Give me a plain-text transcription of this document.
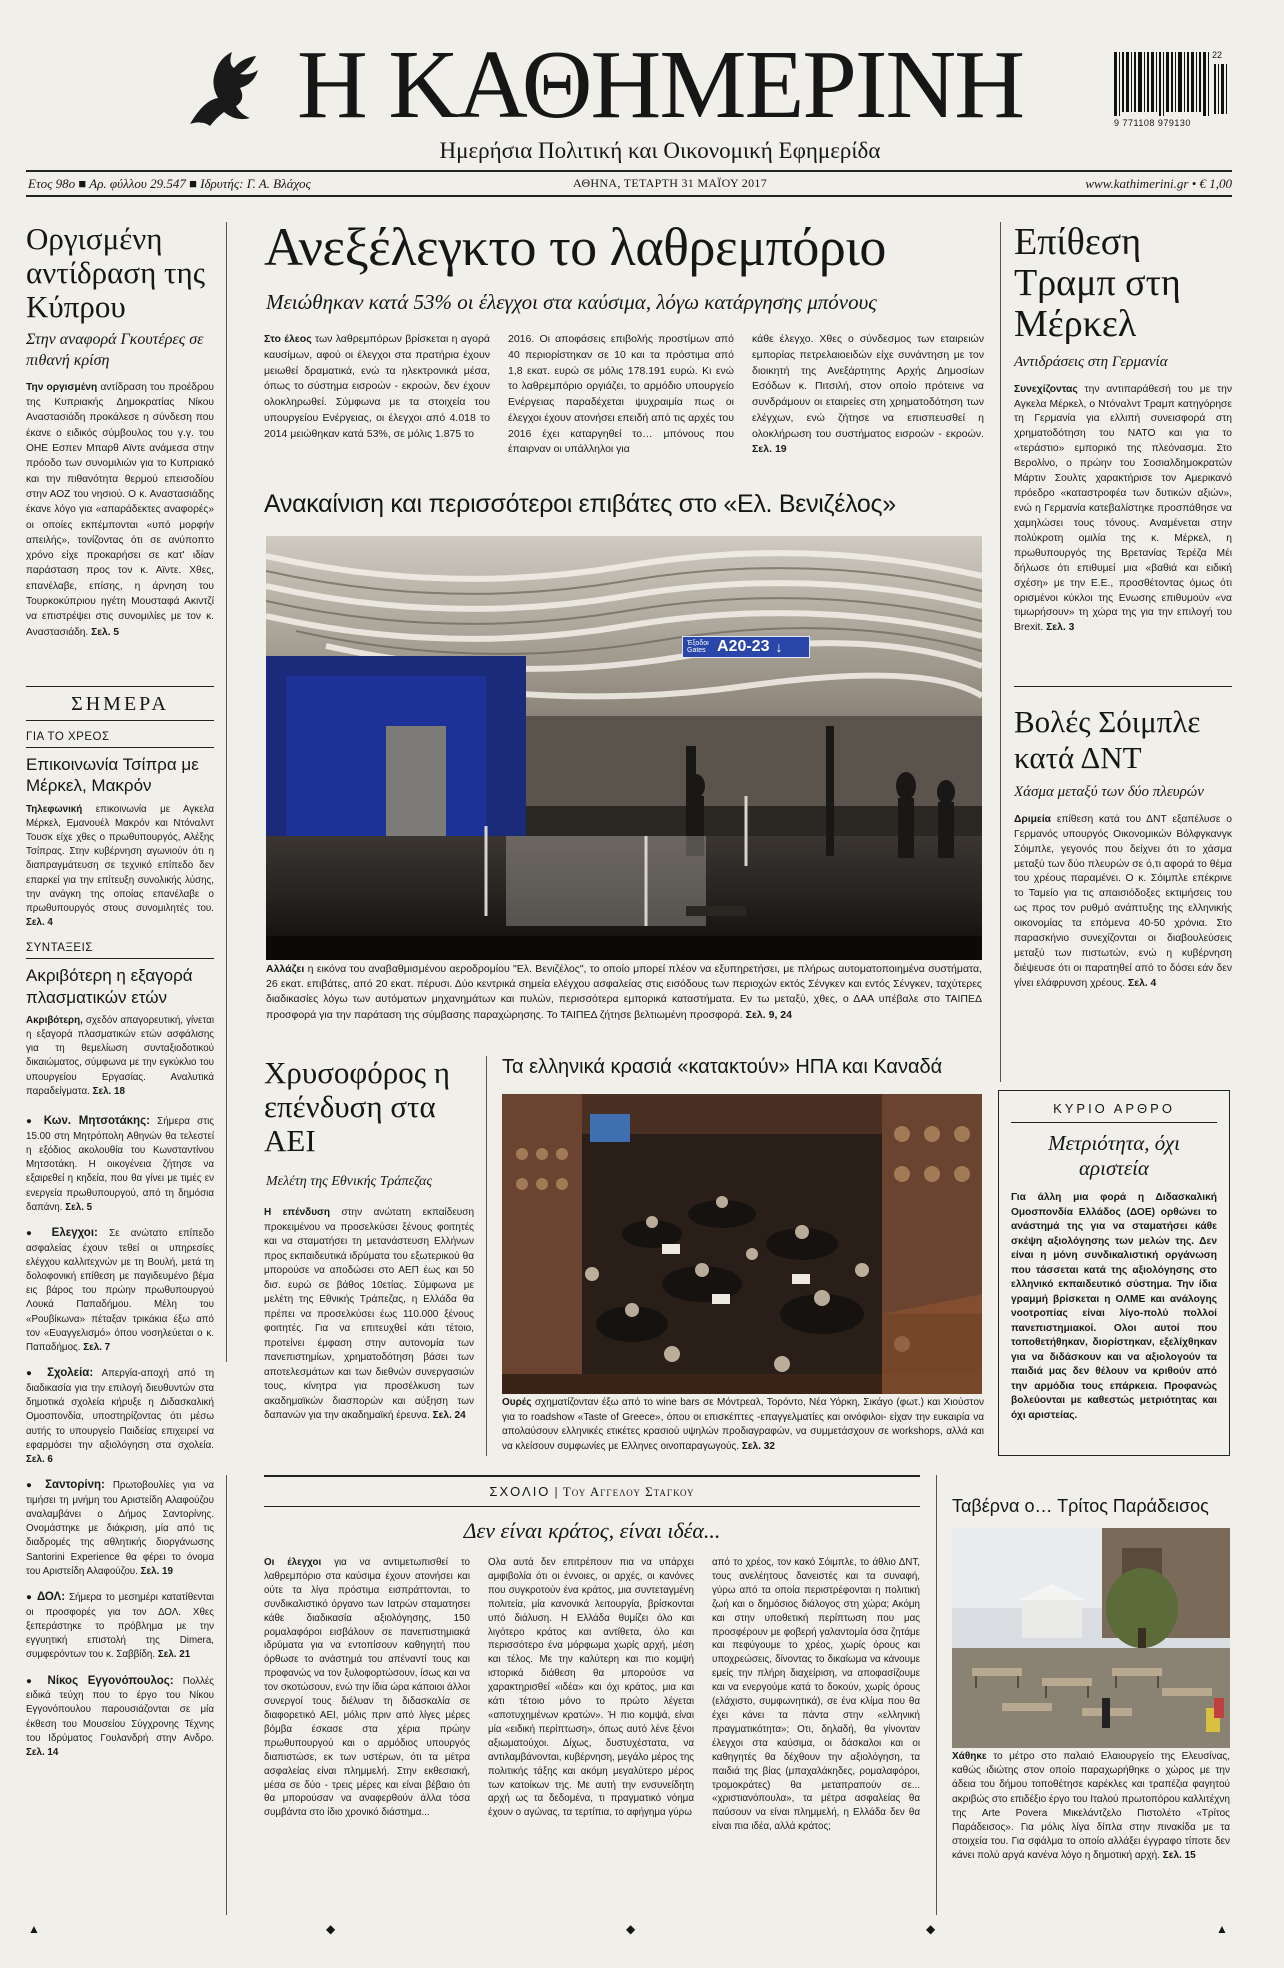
Η ΚΑΘΗΜΕΡΙΝΗ
Ημερήσια Πολιτική και Οικονομική Εφημερίδα
9 771108 979130
22
Ετος 98ο ■ Αρ. φύλλου 29.547 ■ Ιδρυτής: Γ. Α. Βλάχος	ΑΘΗΝΑ, ΤΕΤΑΡΤΗ 31 ΜΑΪΟΥ 2017	www.kathimerini.gr • € 1,00
Οργισμένη αντίδραση της Κύπρου
Στην αναφορά Γκουτέρες σε πιθανή κρίση
Την οργισμένη αντίδραση του προέδρου της Κυπριακής Δημοκρατίας Νίκου Αναστασιάδη προκάλεσε η σύνδεση που έκανε ο ειδικός σύμβουλος του γ.γ. του ΟΗΕ Εσπεν Μπαρθ Αϊντε ανάμεσα στην πρόοδο των συνομιλιών για το Κυπριακό και την πιθανότητα θερμού επεισοδίου στην ΑΟΖ του νησιού. Ο κ. Αναστασιάδης έκανε λόγο για «απαράδεκτες αναφορές» οι οποίες εκπέμπονται «υπό μορφήν απειλής», τονίζοντας ότι σε ανύποπτο χρόνο είχε προκαρήσει σε κατ' ιδίαν παράσταση προς τον κ. Αϊντε. Χθες, επανέλαβε, επίσης, η άρνηση του Τουρκοκύπριου ηγέτη Μουσταφά Ακιντζί να επιστρέψει στις συνομιλίες με τον κ. Αναστασιάδη. Σελ. 5
ΣΗΜΕΡΑ
ΓΙΑ ΤΟ ΧΡΕΟΣ
Επικοινωνία Τσίπρα με Μέρκελ, Μακρόν
Τηλεφωνική επικοινωνία με Αγκελα Μέρκελ, Εμανουέλ Μακρόν και Ντόναλντ Τουσκ είχε χθες ο πρωθυπουργός, Αλέξης Τσίπρας. Στην κυβέρνηση αγωνιούν ότι η διαπραγμάτευση σε τεχνικό επίπεδο δεν επαρκεί για την επίτευξη συνολικής λύσης, την ανάγκη της οποίας επανέλαβε ο πρωθυπουργός στους συνομιλητές του. Σελ. 4
ΣΥΝΤΑΞΕΙΣ
Ακριβότερη η εξαγορά πλασματικών ετών
Ακριβότερη, σχεδόν απαγορευτική, γίνεται η εξαγορά πλασματικών ετών ασφάλισης για τη θεμελίωση συνταξιοδοτικού δικαιώματος, σύμφωνα με την εγκύκλιο του υπουργείου Εργασίας. Αναλυτικά παραδείγματα. Σελ. 18
● Κων. Μητσοτάκης: Σήμερα στις 15.00 στη Μητρόπολη Αθηνών θα τελεστεί η εξόδιος ακολουθία του Κωνσταντίνου Μητσοτάκη. Η οικογένεια ζήτησε να εξαιρεθεί η κηδεία, που θα γίνει με τιμές εν ενεργεία πρωθυπουργού, από τη δημόσια δαπάνη. Σελ. 5
● Ελεγχοι: Σε ανώτατο επίπεδο ασφαλείας έχουν τεθεί οι υπηρεσίες ελέγχου καλλιτεχνών με τη Βουλή, μετά τη δολοφονική επίθεση με παγιδευμένο βέμα εις βάρος του πρώην πρωθυπουργού Λουκά Παπαδήμου. Μέλη του «Ρουβίκωνα» πέταξαν τρικάκια έξω από τον «Ευαγγελισμό» όπου νοσηλεύεται ο κ. Παπαδήμος. Σελ. 7
● Σχολεία: Απεργία-αποχή από τη διαδικασία για την επιλογή διευθυντών στα δημοτικά σχολεία κήρυξε η Διδασκαλική Ομοσπονδία, υποστηρίζοντας ότι μέσω αυτής το υπουργείο Παιδείας επιχειρεί να εφαρμόσει την αξιολόγηση στα σχολεία. Σελ. 6
● Σαντορίνη: Πρωτοβουλίες για να τιμήσει τη μνήμη του Αριστείδη Αλαφούζου αναλαμβάνει ο Δήμος Σαντορίνης. Ονομάστηκε με διάκριση, μία από τις διαδρομές της αθλητικής διοργάνωσης Santorini Experience θα φέρει το όνομα του Αριστείδη Αλαφούζου. Σελ. 19
● ΔΟΛ: Σήμερα το μεσημέρι κατατίθενται οι προσφορές για τον ΔΟΛ. Χθες ξεπεράστηκε το πρόβλημα με την εγγυητική επιστολή της Dimera, συμφερόντων του κ. Σαββίδη. Σελ. 21
● Νίκος Εγγονόπουλος: Πολλές ειδικά τεύχη που το έργο του Νίκου Εγγονόπουλου παρουσιάζονται σε μία έκθεση του Μουσείου Σύγχρονης Τέχνης του Ιδρύματος Γουλανδρή στην Ανδρο. Σελ. 14
Ανεξέλεγκτο το λαθρεμπόριο
Μειώθηκαν κατά 53% οι έλεγχοι στα καύσιμα, λόγω κατάργησης μπόνους
Στο έλεος των λαθρεμπόρων βρίσκεται η αγορά καυσίμων, αφού οι έλεγχοι στα πρατήρια έχουν μειωθεί δραματικά, ενώ τα ηλεκτρονικά μέσα, όπως το σύστημα εισροών - εκροών, δεν έχουν ολοκληρωθεί. Σύμφωνα με τα στοιχεία του υπουργείου Ενέργειας, οι έλεγχοι από 4.018 το 2014 μειώθηκαν κατά 53%, σε μόλις 1.875 το
2016. Οι αποφάσεις επιβολής προστίμων από 40 περιορίστηκαν σε 10 και τα πρόστιμα από 1,8 εκατ. ευρώ σε μόλις 178.191 ευρώ. Κι ενώ το λαθρεμπόριο οργιάζει, το αρμόδιο υπουργείο Ενέργειας παραδέχεται ψυχραιμία πως οι έλεγχοι έχουν ατονήσει επειδή από τις αρχές του 2016 έχει καταργηθεί το… μπόνους που έπαιρναν οι υπάλληλοι για
κάθε έλεγχο. Χθες ο σύνδεσμος των εταιρειών εμπορίας πετρελαιοειδών είχε συνάντηση με τον διοικητή της Ανεξάρτητης Αρχής Δημοσίων Εσόδων κ. Πιτσιλή, στον οποίο πρότεινε να συνδράμουν οι εταιρείες στη χρηματοδότηση των ελέγχων, ενώ ζήτησε να επισπευσθεί η ολοκλήρωση του συστήματος εισροών - εκροών. Σελ. 19
Ανακαίνιση και περισσότεροι επιβάτες στο «Ελ. Βενιζέλος»
Έξοδοι Gates A20-23 ↓
Αλλάζει η εικόνα του αναβαθμισμένου αεροδρομίου "Ελ. Βενιζέλος", το οποίο μπορεί πλέον να εξυπηρετήσει, με πλήρως αυτοματοποιημένα συστήματα, 26 εκατ. επιβάτες, από 20 εκατ. πέρυσι. Δύο κεντρικά σημεία ελέγχου ασφαλείας στις εισόδους των περιοχών εκτός Σένγκεν και εντός Σένγκεν, ταχύτερες διαδικασίες λόγω των αυτόματων μηχανημάτων και πυλών, περισσότερα εμπορικά καταστήματα. Εν τω μεταξύ, χθες, ο ΔΑΑ υπέβαλε στο ΤΑΙΠΕΔ προσφορά για την παράταση της σύμβασης παραχώρησης. Το ΤΑΙΠΕΔ ζήτησε βελτιωμένη προσφορά. Σελ. 9, 24
Χρυσοφόρος η επένδυση στα ΑΕΙ
Μελέτη της Εθνικής Τράπεζας
Η επένδυση στην ανώτατη εκπαίδευση προκειμένου να προσελκύσει ξένους φοιτητές και να σταματήσει τη μετανάστευση Ελλήνων προς εκπαιδευτικά ιδρύματα του εξωτερικού θα μπορούσε να αποδώσει στο ΑΕΠ έως και 50 δισ. ευρώ σε βάθος 10ετίας. Σύμφωνα με μελέτη της Εθνικής Τράπεζας, η Ελλάδα θα πρέπει να προσελκύσει έως 110.000 ξένους φοιτητές. Για να επιτευχθεί κάτι τέτοιο, προτείνει έμφαση στην αυτονομία των πανεπιστημίων, χρηματοδότηση βάσει των αποτελεσμάτων και των διεθνών συνεργασιών τους, κίνητρα για προσέλκυση των ακαδημαϊκών διασπορών και αύξηση των δαπανών για την ακαδημαϊκή έρευνα. Σελ. 24
Τα ελληνικά κρασιά «κατακτούν» ΗΠΑ και Καναδά
Ουρές σχηματίζονταν έξω από το wine bars σε Μόντρεαλ, Τορόντο, Νέα Υόρκη, Σικάγο (φωτ.) και Χιούστον για το roadshow «Taste of Greece», όπου οι επισκέπτες -επαγγελματίες και οινόφιλοι- είχαν την ευκαιρία να απολαύσουν ελληνικές ετικέτες κρασιού υψηλών προδιαγραφών, να συμμετάσχουν σε workshops, αλλά και να κλείσουν συμφωνίες με Ελληνες οινοπαραγωγούς. Σελ. 32
ΣΧΟΛΙΟ | Του Αγγελου Σταγκου
Δεν είναι κράτος, είναι ιδέα...
Οι έλεγχοι για να αντιμετωπισθεί το λαθρεμπόριο στα καύσιμα έχουν ατονήσει και ούτε τα λίγα πρόστιμα εισπράττονται, το συνδικαλιστικό όργανο των Ιατρών σταματησει κάθε διαδικασία αξιολόγησης, 150 ρομαλαφόροι εισβάλουν σε πανεπιστημιακά ιδρύματα για να εντοπίσουν καθηγητή που όρθωσε το ανάστημά του απέναντί τους και προφανώς να τον ξυλοφορτώσουν, ίσως και να τον σκοτώσουν, ενώ την ίδια ώρα κάποιοι άλλοι συνεργοί τους διέλυαν τη διδασκαλία σε διαφορετικό ΑΕΙ, μόλις πριν από λίγες μέρες βόμβα έσκασε στα χέρια πρώην πρωθυπουργού και ο αρμόδιος υπουργός διαπιστώσε, εκ των υστέρων, ότι τα μέτρα ασφαλείας είναι πλημμελή. Στην εκθεσιακή, μέσα σε δύο - τρεις μέρες και είναι βέβαιο ότι θα μπορούσαν να αναφερθούν άλλα τόσα συμβάντα στο ίδιο χρονικό διάστημα...
Ολα αυτά δεν επιτρέπουν πια να υπάρχει αμφιβολία ότι οι έννοιες, οι αρχές, οι κανόνες που συγκροτούν ένα κράτος, μια συντεταγμένη πολιτεία, μία κανονικά λειτουργία, βρίσκονται υπό διάλυση. Η Ελλάδα θυμίζει όλο και λιγότερο κράτος και αντίθετα, όλο και περισσότερο ένα μόρφωμα χωρίς αρχή, μέση και τέλος. Με την καλύτερη και πιο κομψή ιστορικά διάθεση θα μπορούσε να χαρακτηρισθεί «ιδέα» και όχι κράτος, μια και κάτι τέτοιο μόνο το πρώτο λέγεται «αποτυχημένων κρατών». Ή πιο κομψά, είναι μία «ειδική περίπτωση», όπως αυτό λένε ξένοι αξιωματούχοι. Δίχως, δυστυχέστατα, να αντιλαμβάνονται, κυβέρνηση, μεγάλο μέρος της πολιτικής τάξης και ακόμη μεγαλύτερο μέρος των κατοίκων της. Με αυτή την ενσυνείδητη αρχή ως τα δεδομένα, τι πραγματικό νόημα έχουν ο αγώνας, τα τερτίπια, το αφήγημα γύρω
από το χρέος, τον κακό Σόιμπλε, το άθλιο ΔΝΤ, τους ανελέητους δανειστές και τα συναφή, γύρω από τα οποία περιστρέφονται η πολιτική ζωή και ο δημόσιος διάλογος στη χώρα; Ακόμη και στην υποθετική περίπτωση που μας προσφέρουν με φοβερή γαλαντομία όσα ζητάμε και πεφύγουμε το χρέος, χωρίς όρους και υποχρεώσεις, δίνοντας το δικαίωμα να κάνουμε εμείς την πλήρη διαχείριση, να αποφασίζουμε και να ενεργούμε κατά το δοκούν, χωρίς όρους (ελάχιστο, συμφωνητικά), σε ένα κλίμα που θα έχει κάνει τα πάντα στην «ελληνική πραγματικότητα»; Οτι, δηλαδή, θα γίνονταν έλεγχοι στα καύσιμα, οι δάσκαλοι και οι καθηγητές θα δέχθουν την αξιολόγηση, τα παιδιά της βίας (μπαχαλάκηδες, ρομαλαφόροι, τρομοκράτες) θα μεταπραπούν σε... «χριστιανόπουλα», τα μέτρα ασφαλείας θα παύσουν να είναι πλημμελή, η Ελλάδα δεν θα είναι πια ιδέα, αλλά κράτος;
Επίθεση Τραμπ στη Μέρκελ
Αντιδράσεις στη Γερμανία
Συνεχίζοντας την αντιπαράθεσή του με την Αγκελα Μέρκελ, ο Ντόναλντ Τραμπ κατηγόρησε τη Γερμανία για ελλιπή συνεισφορά στη χρηματοδότηση του ΝΑΤΟ και για το «τεράστιο» εμπορικό της πλεόνασμα. Στο Βερολίνο, ο πρώην του Σοσιαλδημοκρατών Μάρτιν Σουλτς χαρακτήρισε τον Αμερικανό πρόεδρο «καταστροφέα των δυτικών αξιών», ενώ η Γερμανία κατεβαλίστηκε προσπάθησε να χαμηλώσει τους τόνους. Αναμένεται στην πολύκροτη ομιλία της κ. Μέρκελ, η πρωθυπουργός της Βρετανίας Τερέζα Μέι δήλωσε ότι επιθυμεί μια «βαθιά και ειδική σχέση» με την Ε.Ε., προσθέτοντας όμως ότι ορισμένοι κύκλοι της Ενωσης επιθυμούν «να τιμωρήσουν» τη χώρα της για την επιλογή του Brexit. Σελ. 3
Βολές Σόιμπλε κατά ΔΝΤ
Χάσμα μεταξύ των δύο πλευρών
Δριμεία επίθεση κατά του ΔΝΤ εξαπέλυσε ο Γερμανός υπουργός Οικονομικών Βόλφγκανγκ Σόιμπλε, γεγονός που δείχνει ότι το χάσμα μεταξύ των δύο πλευρών σε ό,τι αφορά το θέμα του χρέους παραμένει. Ο κ. Σόιμπλε επέκρινε το Ταμείο για τις απαισιόδοξες εκτιμήσεις του ως προς τον ρυθμό ανάπτυξης της ελληνικής οικονομίας τα επόμενα 40-50 χρόνια. Στο παρασκήνιο συνεχίζονται οι διαβουλεύσεις μεταξύ των πιστωτών, ενώ η κυβέρνηση διέψευσε ότι οι παρατηθεί από το δόσει εάν δεν γίνει ελάφρυνση χρέους. Σελ. 4
ΚΥΡΙΟ ΑΡΘΡΟ
Μετριότητα, όχι αριστεία
Για άλλη μια φορά η Διδασκαλική Ομοσπονδία Ελλάδος (ΔΟΕ) ορθώνει το ανάστημά της για να σταματήσει κάθε σκέψη αξιολόγησης των μελών της. Δεν είναι η μόνη συνδικαλιστική οργάνωση που τάσσεται κατά της αξιολόγησης στο ελληνικό εκπαιδευτικό σύστημα. Την ίδια γραμμή βρίσκεται η ΟΛΜΕ και ανάλογης νοοτροπίας είναι λίγο-πολύ πολλοί πανεπιστημιακοί. Ολοι αυτοί που τοποθετήθηκαν, διορίστηκαν, εξελίχθηκαν για να διδάσκουν και να αξιολογούν τα παιδιά μας δεν θέλουν να κριθούν από την αρμόδια τους επάρκεια. Προφανώς βολεύονται με καθεστώς μετριότητας και όχι αριστείας.
Ταβέρνα ο… Τρίτος Παράδεισος
Χάθηκε το μέτρο στο παλαιό Ελαιουργείο της Ελευσίνας, καθώς ιδιώτης στον οποίο παραχωρήθηκε ο χώρος με την άδεια του δήμου τοποθέτησε καρέκλες και τραπέζια φαγητού ακριβώς στο επιδέξιο έργο του Ιταλού πρωτοπόρου καλλιτέχνη της Arte Povera Μικελάντζελο Πιστολέτο «Τρίτος Παράδεισος». Για μόλις λίγα δίπλα στην πινακίδα με τα στοιχεία του. Για σφάλμα το οποίο αλλάξει έγγραφο τίποτε δεν κάνει πολύ αργά κανένα λόγο η δημοτική αρχή. Σελ. 15
▲	◆	◆	◆	▲
